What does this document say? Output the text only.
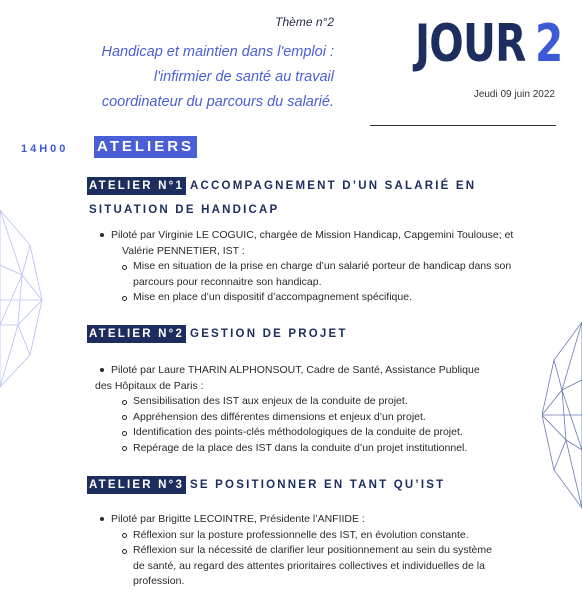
Thème n°2
Handicap et maintien dans l'emploi :
l'infirmier de santé au travail
coordinateur du parcours du salarié.
JOUR 2
Jeudi 09 juin 2022
14H00 ATELIERS
ATELIER N°1 ACCOMPAGNEMENT D’UN SALARIÉ EN
SITUATION DE HANDICAP
Piloté par Virginie LE COGUIC, chargée de Mission Handicap, Capgemini Toulouse; et
Valérie PENNETIER, IST :
Mise en situation de la prise en charge d’un salarié porteur de handicap dans son parcours pour reconnaitre son handicap.
Mise en place d’un dispositif d’accompagnement spécifique.
ATELIER N°2 GESTION DE PROJET
Piloté par Laure THARIN ALPHONSOUT, Cadre de Santé, Assistance Publique
des Hôpitaux de Paris :
Sensibilisation des IST aux enjeux de la conduite de projet.
Appréhension des différentes dimensions et enjeux d’un projet.
Identification des points-clés méthodologiques de la conduite de projet.
Repérage de la place des IST dans la conduite d’un projet institutionnel.
ATELIER N°3 SE POSITIONNER EN TANT QU’IST
Piloté par Brigitte LECOINTRE, Présidente l’ANFIIDE :
Réflexion sur la posture professionnelle des IST, en évolution constante.
Réflexion sur la nécessité de clarifier leur positionnement au sein du système de santé, au regard des attentes prioritaires collectives et individuelles de la profession.
